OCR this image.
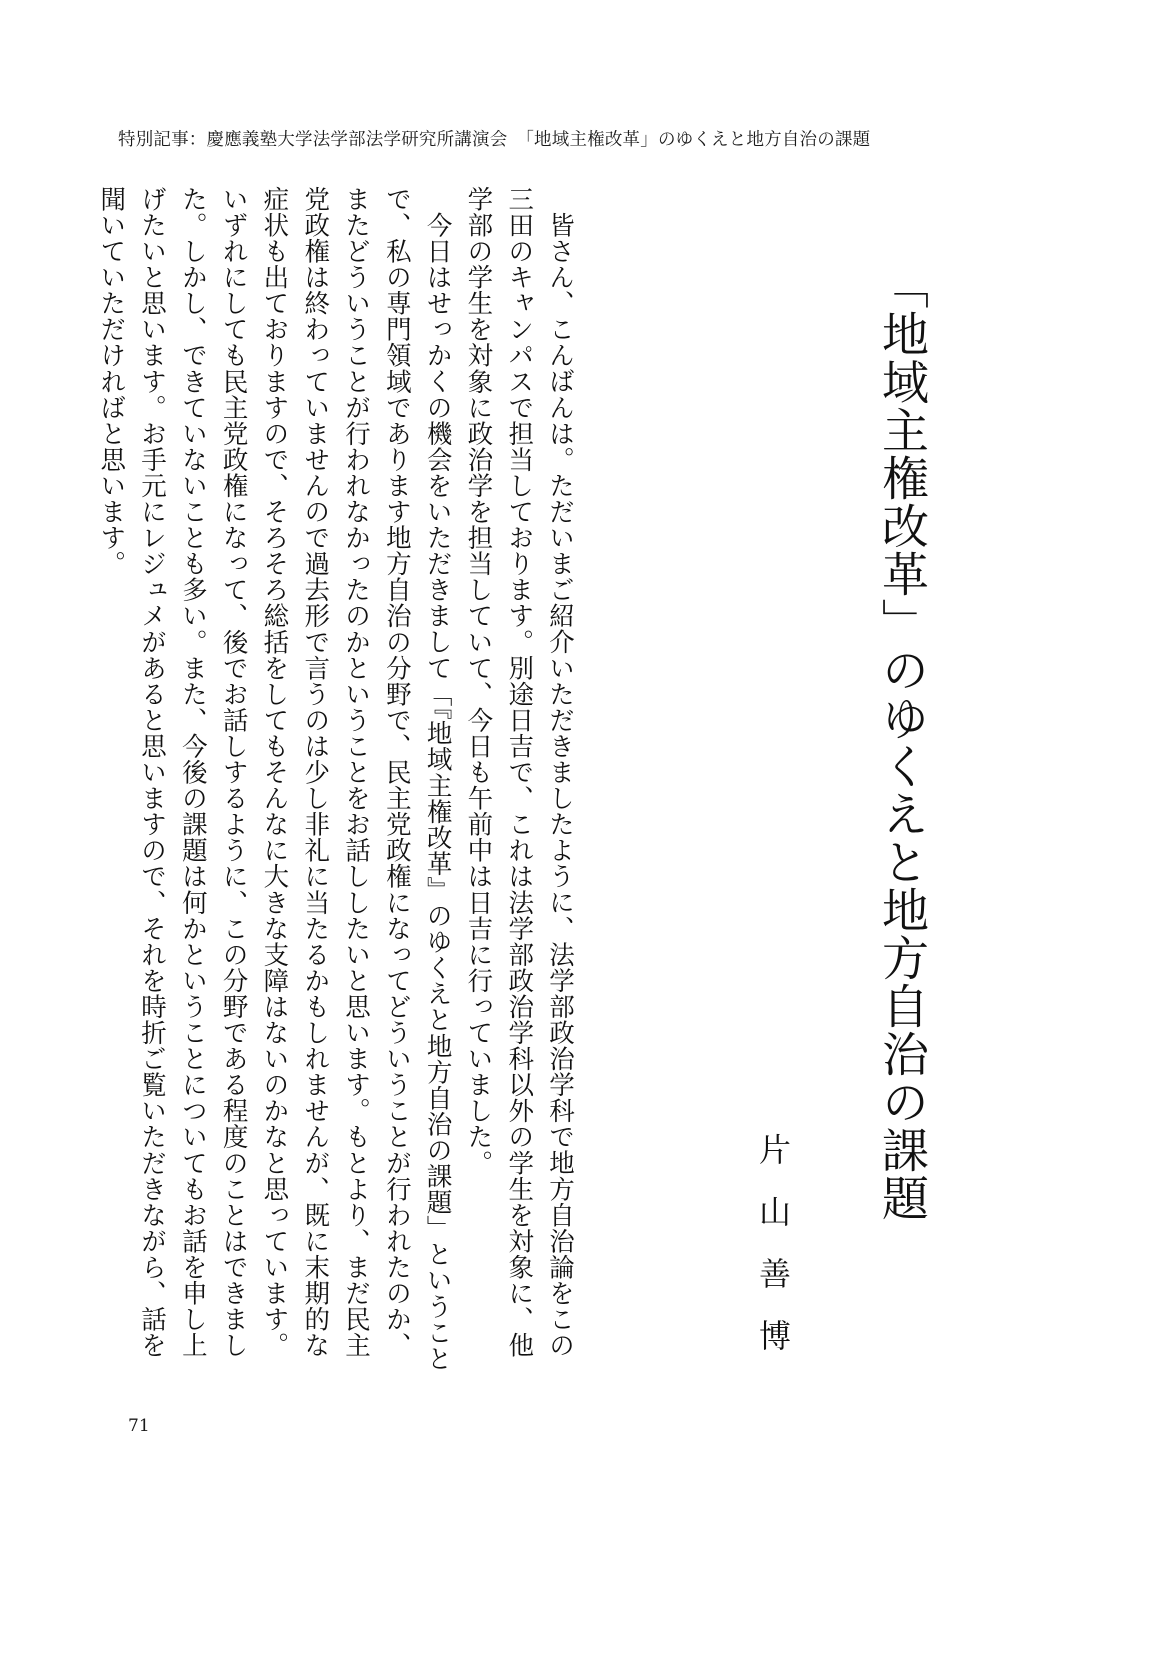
特別記事：慶應義塾大学法学部法学研究所講演会　「地域主権改革」のゆくえと地方自治の課題
「地域主権改革」のゆくえと地方自治の課題
片山善博

皆さん、こんばんは。ただいまご紹介いただきましたように、法学部政治学科で地方自治論をこの三田のキャンパスで担当しております。別途日吉で、これは法学部政治学科以外の学生を対象に、他学部の学生を対象に政治学を担当していて、今日も午前中は日吉に行っていました。

今日はせっかくの機会をいただきまして「『地域主権改革』のゆくえと地方自治の課題」ということで、私の専門領域であります地方自治の分野で、民主党政権になってどういうことが行われたのか、またどういうことが行われなかったのかということをお話ししたいと思います。もとより、まだ民主党政権は終わっていませんので過去形で言うのは少し非礼に当たるかもしれませんが、既に末期的な症状も出ておりますので、そろそろ総括をしてもそんなに大きな支障はないのかなと思っています。いずれにしても民主党政権になって、後でお話しするように、この分野である程度のことはできました。しかし、できていないことも多い。また、今後の課題は何かということについてもお話を申し上げたいと思います。お手元にレジュメがあると思いますので、それを時折ご覧いただきながら、話を聞いていただければと思います。

71
